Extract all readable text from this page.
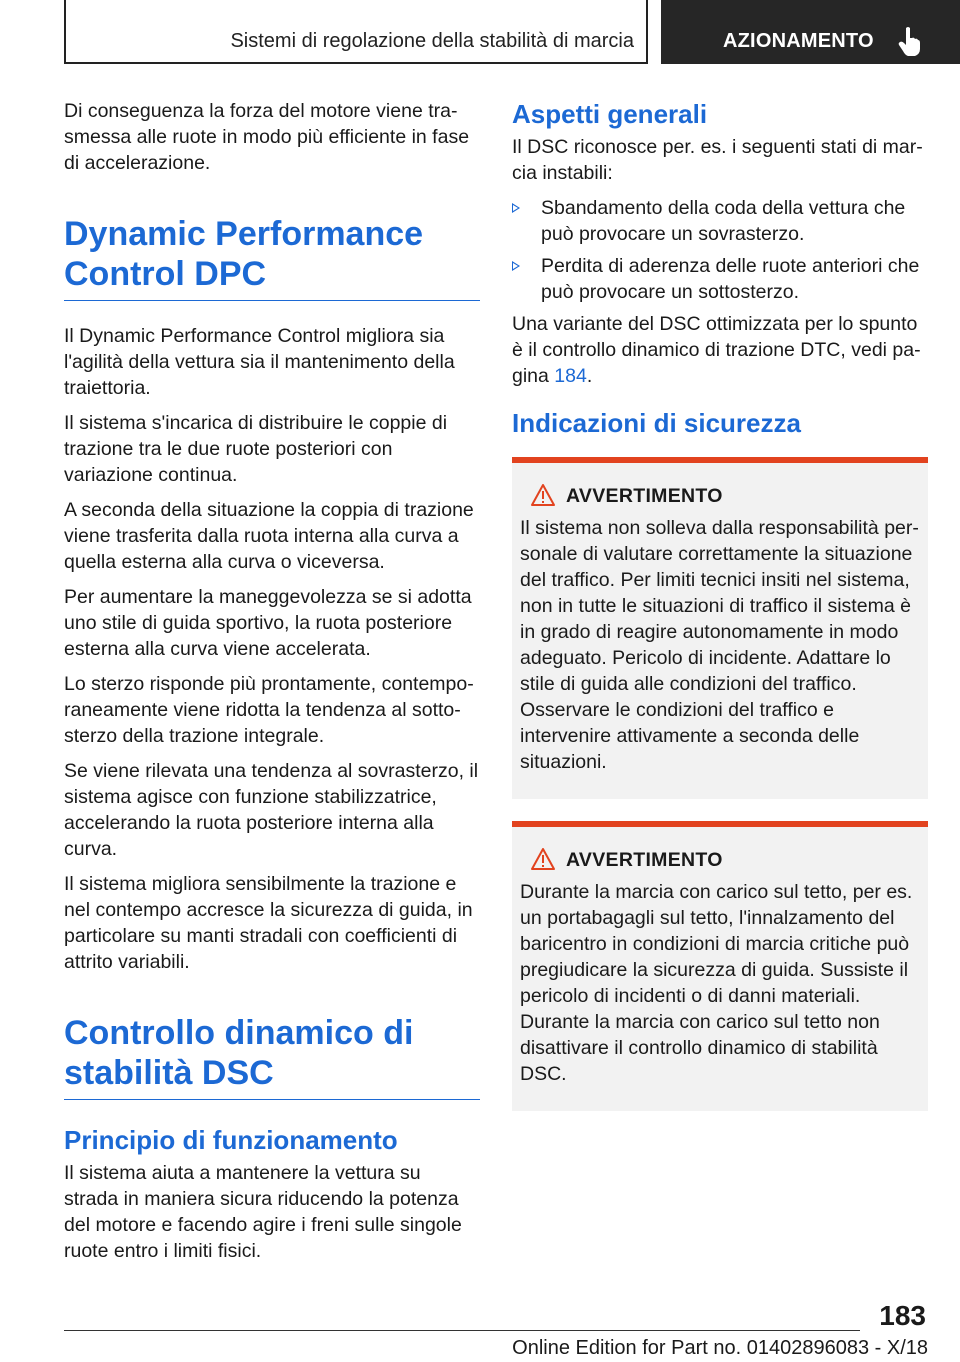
Sistemi di regolazione della stabilità di marcia	AZIONAMENTO

Di conseguenza la forza del motore viene trasmessa alle ruote in modo più efficiente in fase di accelerazione.

Dynamic Performance Control DPC

Il Dynamic Performance Control migliora sia l'agilità della vettura sia il mantenimento della traiettoria.

Il sistema s'incarica di distribuire le coppie di trazione tra le due ruote posteriori con variazione continua.

A seconda della situazione la coppia di trazione viene trasferita dalla ruota interna alla curva a quella esterna alla curva o viceversa.

Per aumentare la maneggevolezza se si adotta uno stile di guida sportivo, la ruota posteriore esterna alla curva viene accelerata.

Lo sterzo risponde più prontamente, contemporaneamente viene ridotta la tendenza al sottosterzo della trazione integrale.

Se viene rilevata una tendenza al sovrasterzo, il sistema agisce con funzione stabilizzatrice, accelerando la ruota posteriore interna alla curva.

Il sistema migliora sensibilmente la trazione e nel contempo accresce la sicurezza di guida, in particolare su manti stradali con coefficienti di attrito variabili.

Controllo dinamico di stabilità DSC
Principio di funzionamento

Il sistema aiuta a mantenere la vettura su strada in maniera sicura riducendo la potenza del motore e facendo agire i freni sulle singole ruote entro i limiti fisici.

Aspetti generali

Il DSC riconosce per. es. i seguenti stati di marcia instabili:

Sbandamento della coda della vettura che può provocare un sovrasterzo.
Perdita di aderenza delle ruote anteriori che può provocare un sottosterzo.

Una variante del DSC ottimizzata per lo spunto è il controllo dinamico di trazione DTC, vedi pagina 184.

Indicazioni di sicurezza
AVVERTIMENTO

Il sistema non solleva dalla responsabilità personale di valutare correttamente la situazione del traffico. Per limiti tecnici insiti nel sistema, non in tutte le situazioni di traffico il sistema è in grado di reagire autonomamente in modo adeguato. Pericolo di incidente. Adattare lo stile di guida alle condizioni del traffico. Osservare le condizioni del traffico e intervenire attivamente a seconda delle situazioni.

AVVERTIMENTO

Durante la marcia con carico sul tetto, per es. un portabagagli sul tetto, l'innalzamento del baricentro in condizioni di marcia critiche può pregiudicare la sicurezza di guida. Sussiste il pericolo di incidenti o di danni materiali. Durante la marcia con carico sul tetto non disattivare il controllo dinamico di stabilità DSC.

183
Online Edition for Part no. 01402896083 - X/18
